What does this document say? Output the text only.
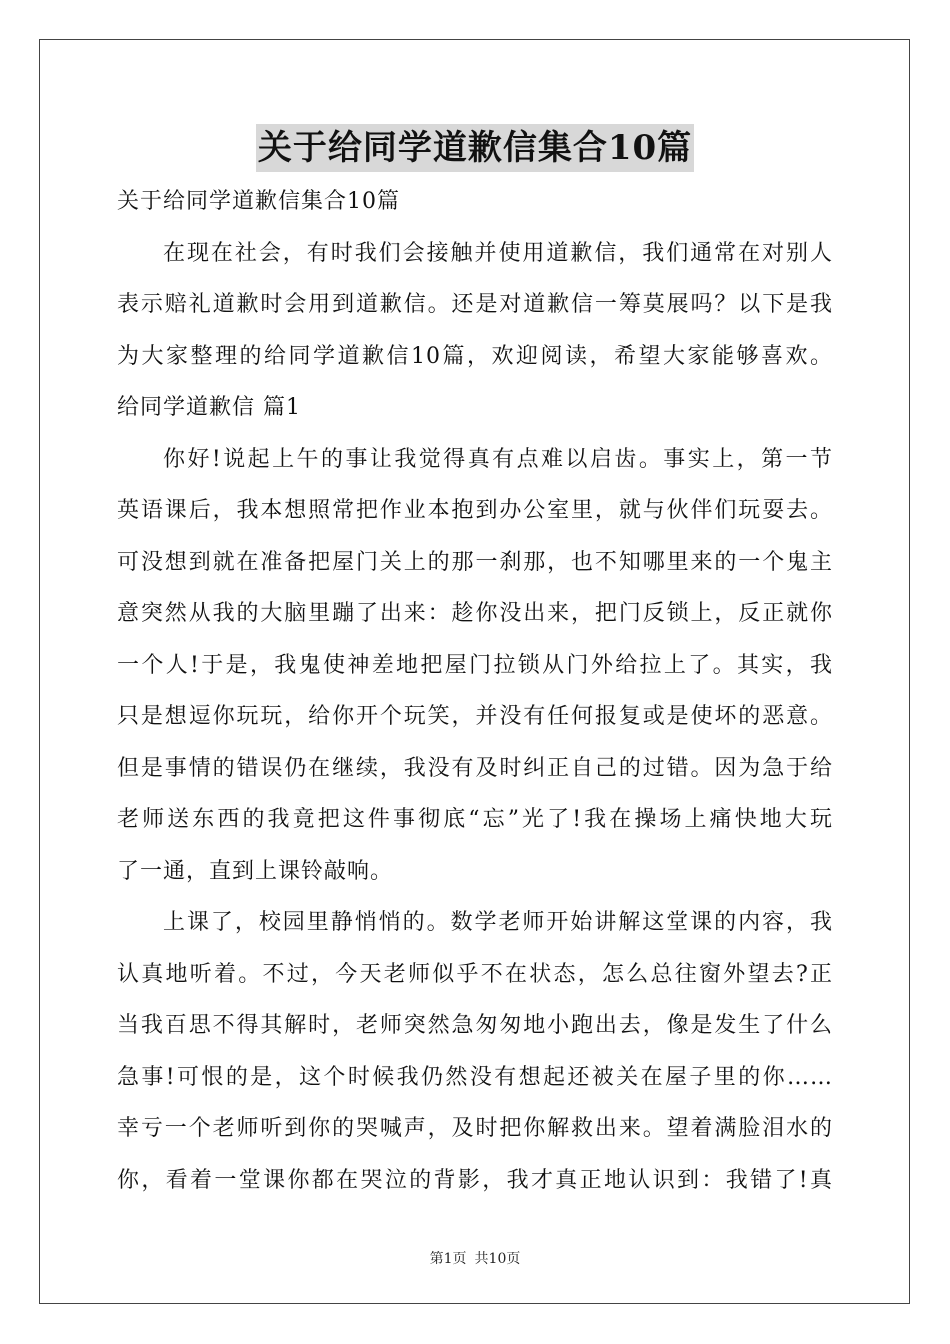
关于给同学道歉信集合10篇
关于给同学道歉信集合10篇
在现在社会，有时我们会接触并使用道歉信，我们通常在对别人
表示赔礼道歉时会用到道歉信。还是对道歉信一筹莫展吗？以下是我
为大家整理的给同学道歉信10篇，欢迎阅读，希望大家能够喜欢。
给同学道歉信 篇1
你好!说起上午的事让我觉得真有点难以启齿。事实上，第一节
英语课后，我本想照常把作业本抱到办公室里，就与伙伴们玩耍去。
可没想到就在准备把屋门关上的那一刹那，也不知哪里来的一个鬼主
意突然从我的大脑里蹦了出来：趁你没出来，把门反锁上，反正就你
一个人!于是，我鬼使神差地把屋门拉锁从门外给拉上了。其实，我
只是想逗你玩玩，给你开个玩笑，并没有任何报复或是使坏的恶意。
但是事情的错误仍在继续，我没有及时纠正自己的过错。因为急于给
老师送东西的我竟把这件事彻底“忘”光了!我在操场上痛快地大玩
了一通，直到上课铃敲响。
上课了，校园里静悄悄的。数学老师开始讲解这堂课的内容，我
认真地听着。不过，今天老师似乎不在状态，怎么总往窗外望去?正
当我百思不得其解时，老师突然急匆匆地小跑出去，像是发生了什么
急事!可恨的是，这个时候我仍然没有想起还被关在屋子里的你……
幸亏一个老师听到你的哭喊声，及时把你解救出来。望着满脸泪水的
你，看着一堂课你都在哭泣的背影，我才真正地认识到：我错了!真
第1页 共10页
